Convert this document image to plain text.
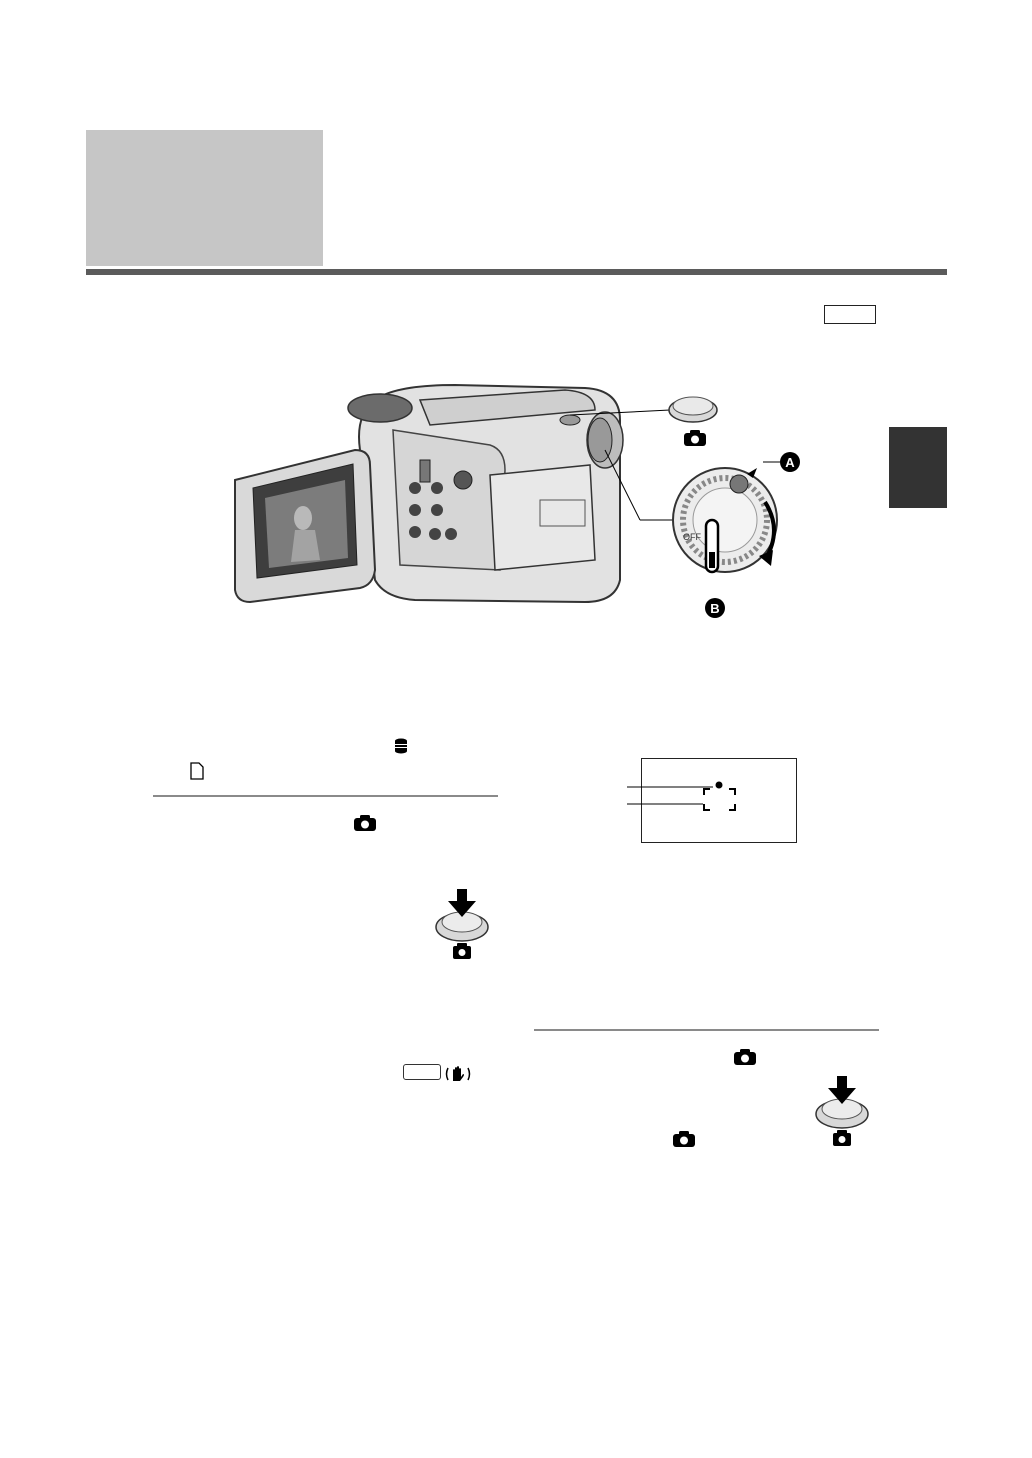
OFF
A
B
